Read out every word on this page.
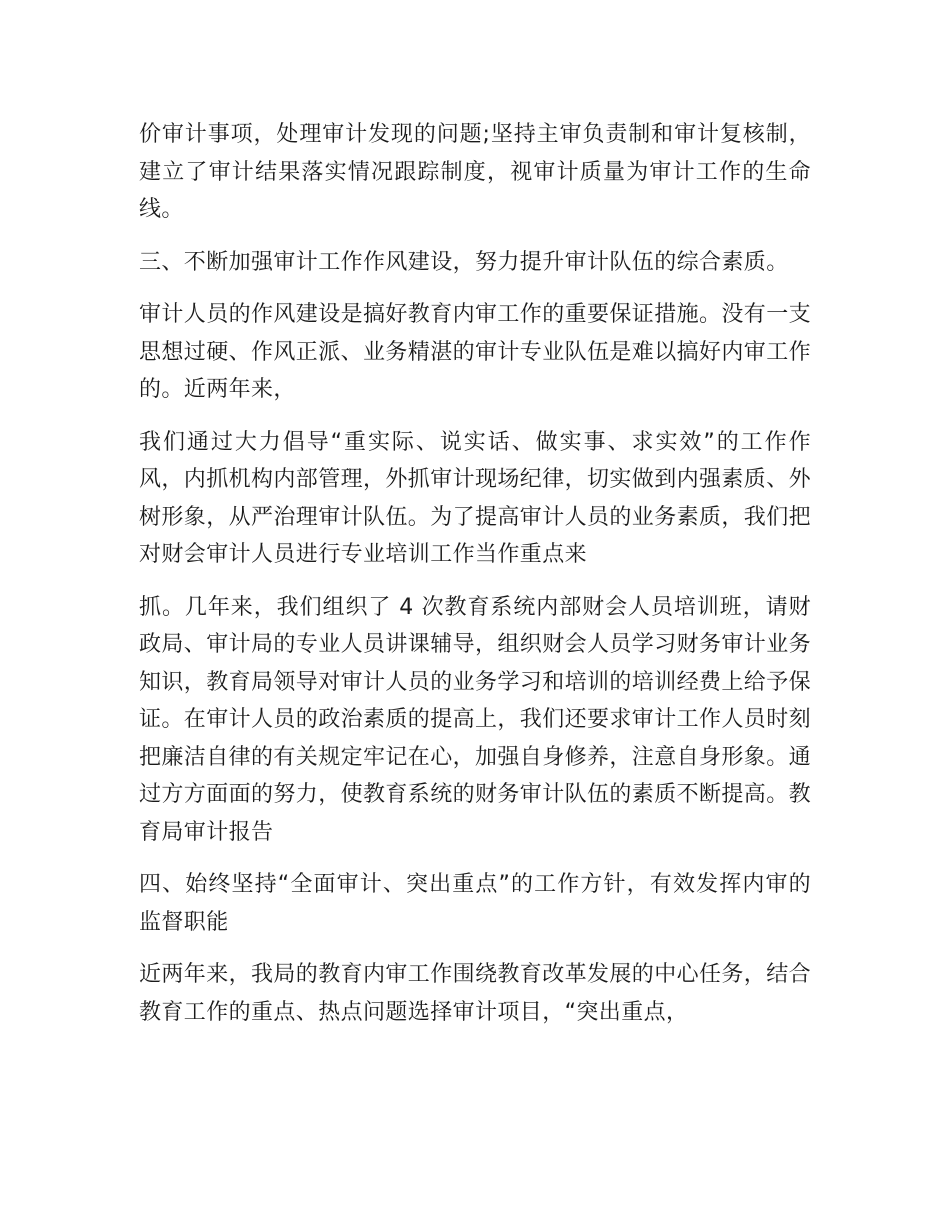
价审计事项，处理审计发现的问题;坚持主审负责制和审计复核制，建立了审计结果落实情况跟踪制度，视审计质量为审计工作的生命线。

三、不断加强审计工作作风建设，努力提升审计队伍的综合素质。

审计人员的作风建设是搞好教育内审工作的重要保证措施。没有一支思想过硬、作风正派、业务精湛的审计专业队伍是难以搞好内审工作的。近两年来，

我们通过大力倡导“重实际、说实话、做实事、求实效”的工作作风，内抓机构内部管理，外抓审计现场纪律，切实做到内强素质、外树形象，从严治理审计队伍。为了提高审计人员的业务素质，我们把对财会审计人员进行专业培训工作当作重点来

抓。几年来，我们组织了 4 次教育系统内部财会人员培训班，请财政局、审计局的专业人员讲课辅导，组织财会人员学习财务审计业务知识，教育局领导对审计人员的业务学习和培训的培训经费上给予保证。在审计人员的政治素质的提高上，我们还要求审计工作人员时刻把廉洁自律的有关规定牢记在心，加强自身修养，注意自身形象。通过方方面面的努力，使教育系统的财务审计队伍的素质不断提高。教育局审计报告

四、始终坚持“全面审计、突出重点”的工作方针，有效发挥内审的监督职能

近两年来，我局的教育内审工作围绕教育改革发展的中心任务，结合教育工作的重点、热点问题选择审计项目，“突出重点，
